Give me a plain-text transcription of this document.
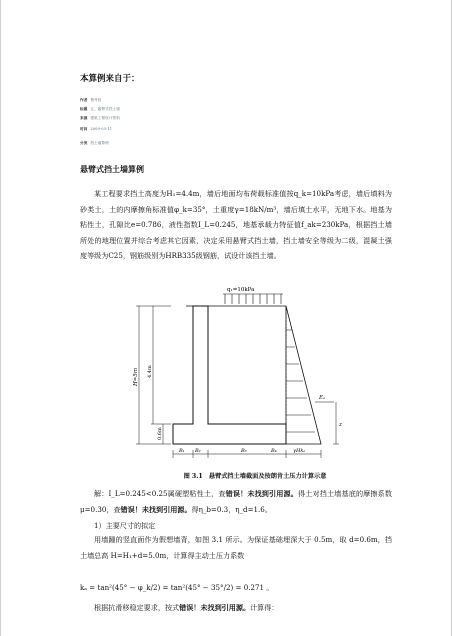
本算例来自于：
作者 鲁丹桂
标题 五、悬臂式挡土墙
来源 建筑工程设计资料
时间 2009-03-11
分类 挡土墙算例
悬臂式挡土墙算例
某工程要求挡土高度为H₁=4.4m，墙后地面均布荷载标准值按q_k=10kPa考虑，墙后填料为砂类土，土的内摩擦角标准值φ_k=35°，土重度γ=18kN/m³，墙后填土水平，无地下水。地基为粘性土，孔隙比e=0.786，液性指数I_L=0.245，地基承载力特征值f_ak=230kPa，根据挡土墙所处的地理位置并综合考虑其它因素，决定采用悬臂式挡土墙，挡土墙安全等级为二级，混凝土强度等级为C25，钢筋级别为HRB335级钢筋，试设计该挡土墙。
q₁=10kPa
Eₐ
z
H=5m 4.4m
0.6m
B₁ B₂	B₃	B₄	γHkₐ
图 3.1　悬臂式挡土墙截面及按朗肯土压力计算示意
解：I_L=0.245<0.25属硬塑粘性土，查错误！未找到引用源。得土对挡土墙基底的摩擦系数μ=0.30，查错误！未找到引用源。得η_b=0.3，η_d=1.6。
1）主要尺寸的拟定
用墙踵的竖直面作为假想墙背，如图 3.1 所示。为保证基础埋深大于 0.5m，取 d=0.6m，挡土墙总高 H=H₁+d=5.0m，计算得主动土压力系数
kₐ = tan²(45° − φ_k/2) = tan²(45° − 35°/2) = 0.271 。
根据抗滑移稳定要求，按式错误！未找到引用源。计算得：
